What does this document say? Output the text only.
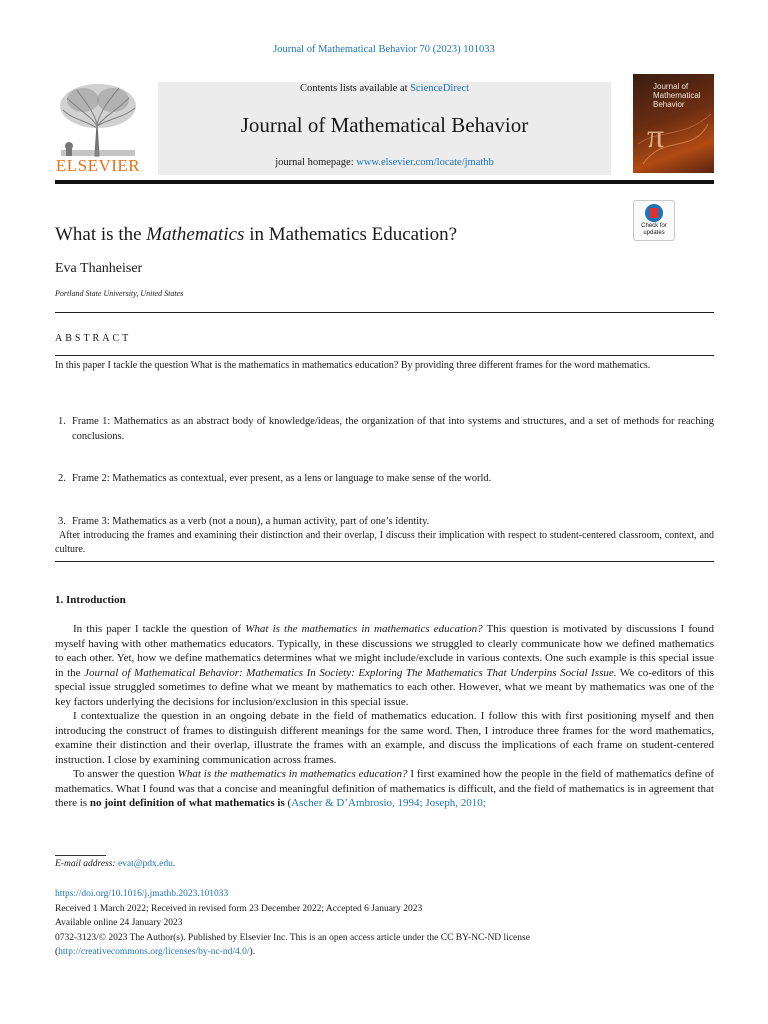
Journal of Mathematical Behavior 70 (2023) 101033
ELSEVIER
Contents lists available at ScienceDirect
Journal of Mathematical Behavior
journal homepage: www.elsevier.com/locate/jmathb
Journal of Mathematical Behavior
π
Check for updates
What is the Mathematics in Mathematics Education?
Eva Thanheiser
Portland State University, United States
ABSTRACT
In this paper I tackle the question What is the mathematics in mathematics education? By providing three different frames for the word mathematics.
1. Frame 1: Mathematics as an abstract body of knowledge/ideas, the organization of that into systems and structures, and a set of methods for reaching conclusions.
2. Frame 2: Mathematics as contextual, ever present, as a lens or language to make sense of the world.
3. Frame 3: Mathematics as a verb (not a noun), a human activity, part of one’s identity.
After introducing the frames and examining their distinction and their overlap, I discuss their implication with respect to student-centered classroom, context, and culture.
1. Introduction

In this paper I tackle the question of What is the mathematics in mathematics education? This question is motivated by discussions I found myself having with other mathematics educators. Typically, in these discussions we struggled to clearly communicate how we defined mathematics to each other. Yet, how we define mathematics determines what we might include/exclude in various contexts. One such example is this special issue in the Journal of Mathematical Behavior: Mathematics In Society: Exploring The Mathematics That Underpins Social Issue. We co-editors of this special issue struggled sometimes to define what we meant by mathematics to each other. However, what we meant by mathematics was one of the key factors underlying the decisions for inclusion/exclusion in this special issue.

I contextualize the question in an ongoing debate in the field of mathematics education. I follow this with first positioning myself and then introducing the construct of frames to distinguish different meanings for the same word. Then, I introduce three frames for the word mathematics, examine their distinction and their overlap, illustrate the frames with an example, and discuss the implications of each frame on student-centered instruction. I close by examining communication across frames.

To answer the question What is the mathematics in mathematics education? I first examined how the people in the field of mathematics define of mathematics. What I found was that a concise and meaningful definition of mathematics is difficult, and the field of mathematics is in agreement that there is no joint definition of what mathematics is (Ascher & D’Ambrosio, 1994; Joseph, 2010;

E-mail address: evat@pdx.edu.
https://doi.org/10.1016/j.jmathb.2023.101033
Received 1 March 2022; Received in revised form 23 December 2022; Accepted 6 January 2023
Available online 24 January 2023
0732-3123/© 2023 The Author(s). Published by Elsevier Inc. This is an open access article under the CC BY-NC-ND license
(http://creativecommons.org/licenses/by-nc-nd/4.0/).
